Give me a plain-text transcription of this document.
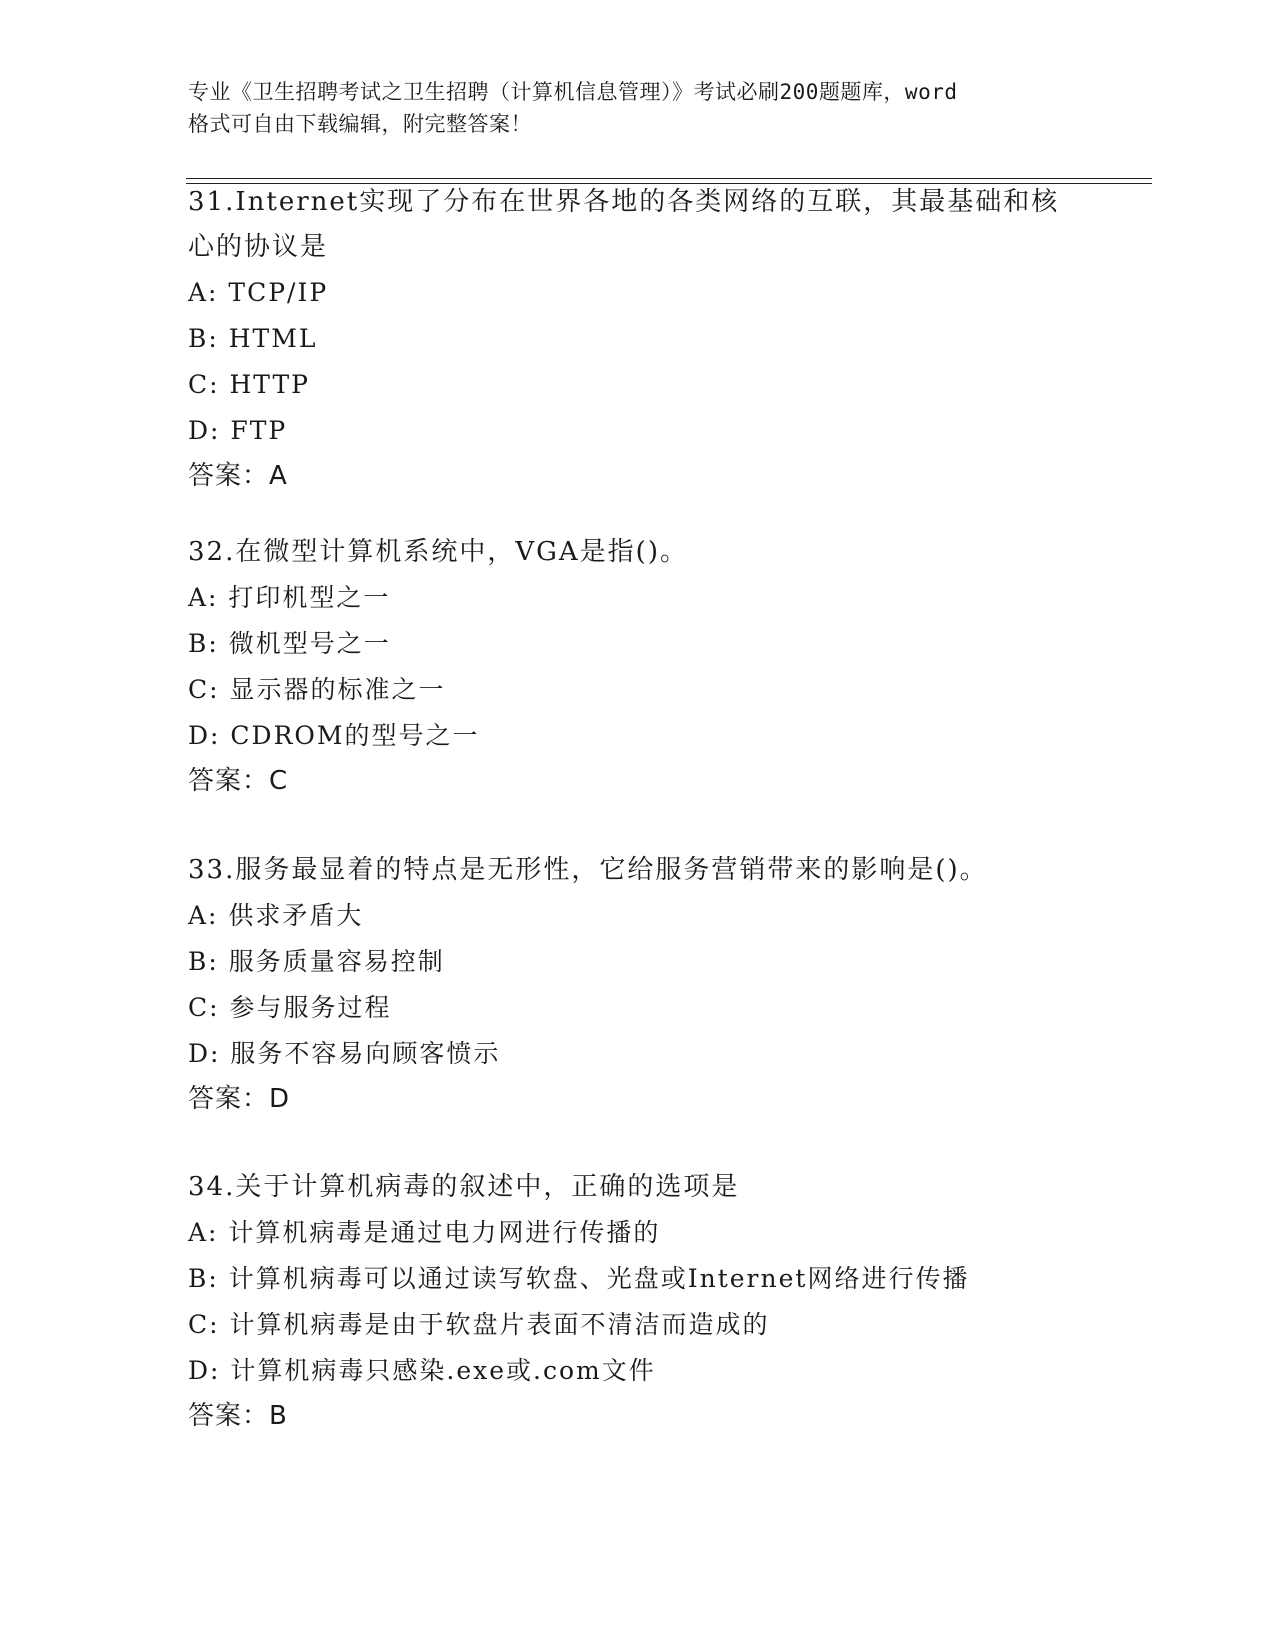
专业《卫生招聘考试之卫生招聘（计算机信息管理）》考试必刷200题题库，word
格式可自由下载编辑，附完整答案！

31.Internet实现了分布在世界各地的各类网络的互联，其最基础和核

心的协议是

A: TCP/IP

B: HTML

C: HTTP

D: FTP

答案：A

32.在微型计算机系统中，VGA是指()。

A: 打印机型之一

B: 微机型号之一

C: 显示器的标准之一

D: CDROM的型号之一

答案：C

33.服务最显着的特点是无形性，它给服务营销带来的影响是()。

A: 供求矛盾大

B: 服务质量容易控制

C: 参与服务过程

D: 服务不容易向顾客愤示

答案：D

34.关于计算机病毒的叙述中，正确的选项是

A: 计算机病毒是通过电力网进行传播的

B: 计算机病毒可以通过读写软盘、光盘或Internet网络进行传播

C: 计算机病毒是由于软盘片表面不清洁而造成的

D: 计算机病毒只感染.exe或.com文件

答案：B
